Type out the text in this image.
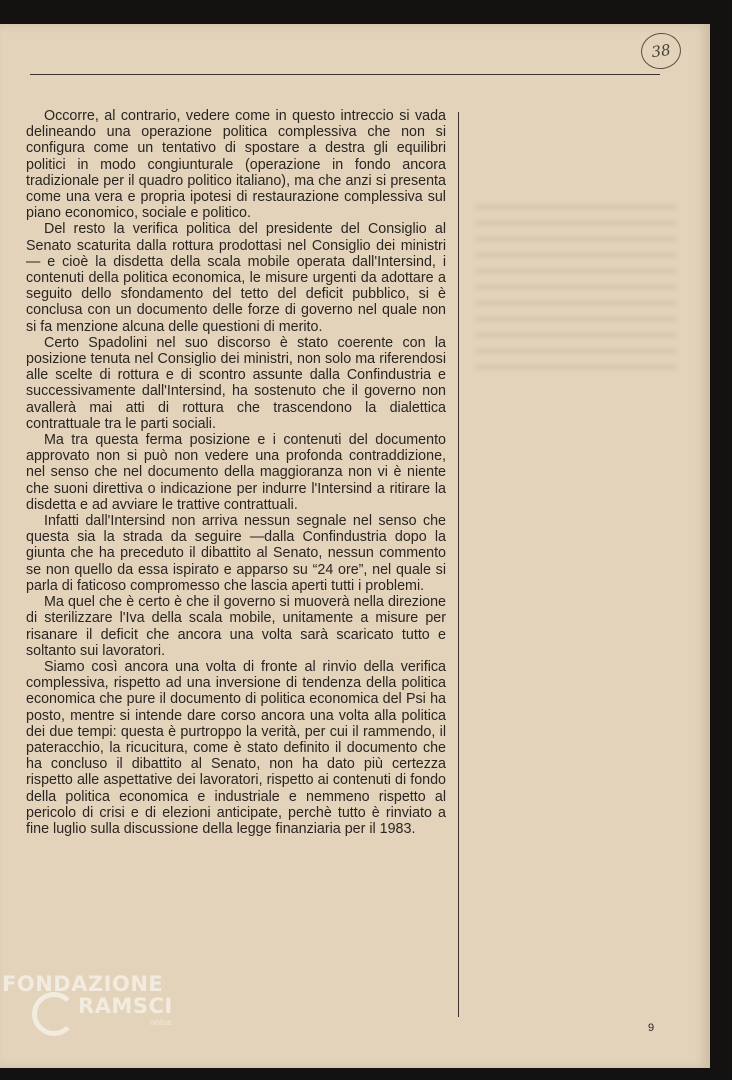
38

Occorre, al contrario, vedere come in questo intreccio si vada delineando una operazione politica complessiva che non si configura come un tentativo di spostare a destra gli equilibri politici in modo congiunturale (operazione in fondo ancora tradizionale per il quadro politico italiano), ma che anzi si presenta come una vera e propria ipotesi di restaurazione complessiva sul piano economico, sociale e politico.

Del resto la verifica politica del presidente del Consiglio al Senato scaturita dalla rottura prodottasi nel Consiglio dei ministri — e cioè la disdetta della scala mobile operata dall'Intersind, i contenuti della politica economica, le misure urgenti da adottare a seguito dello sfondamento del tetto del deficit pubblico, si è conclusa con un documento delle forze di governo nel quale non si fa menzione alcuna delle questioni di merito.

Certo Spadolini nel suo discorso è stato coerente con la posizione tenuta nel Consiglio dei ministri, non solo ma riferendosi alle scelte di rottura e di scontro assunte dalla Confindustria e successivamente dall'Intersind, ha sostenuto che il governo non avallerà mai atti di rottura che trascendono la dialettica contrattuale tra le parti sociali.

Ma tra questa ferma posizione e i contenuti del documento approvato non si può non vedere una profonda contraddizione, nel senso che nel documento della maggioranza non vi è niente che suoni direttiva o indicazione per indurre l'Intersind a ritirare la disdetta e ad avviare le trattive contrattuali.

Infatti dall'Intersind non arriva nessun segnale nel senso che questa sia la strada da seguire —dalla Confindustria dopo la giunta che ha preceduto il dibattito al Senato, nessun commento se non quello da essa ispirato e apparso su “24 ore”, nel quale si parla di faticoso compromesso che lascia aperti tutti i problemi.

Ma quel che è certo è che il governo si muoverà nella direzione di sterilizzare l'Iva della scala mobile, unitamente a misure per risanare il deficit che ancora una volta sarà scaricato tutto e soltanto sui lavoratori.

Siamo così ancora una volta di fronte al rinvio della verifica complessiva, rispetto ad una inversione di tendenza della politica economica che pure il documento di politica economica del Psi ha posto, mentre si intende dare corso ancora una volta alla politica dei due tempi: questa è purtroppo la verità, per cui il rammendo, il pateracchio, la ricucitura, come è stato definito il documento che ha concluso il dibattito al Senato, non ha dato più certezza rispetto alle aspettative dei lavoratori, rispetto ai contenuti di fondo della politica economica e industriale e nemmeno rispetto al pericolo di crisi e di elezioni anticipate, perchè tutto è rinviato a fine luglio sulla discussione della legge finanziaria per il 1983.

9
FONDAZIONE
RAMSCI
onlus
